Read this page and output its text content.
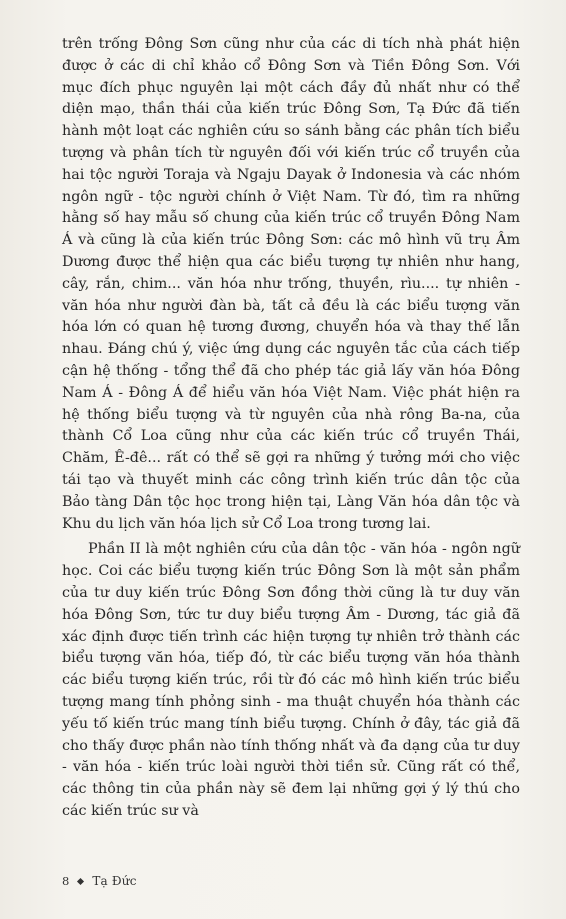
trên trống Đông Sơn cũng như của các di tích nhà phát hiện được ở các di chỉ khảo cổ Đông Sơn và Tiền Đông Sơn. Với mục đích phục nguyên lại một cách đầy đủ nhất như có thể diện mạo, thần thái của kiến trúc Đông Sơn, Tạ Đức đã tiến hành một loạt các nghiên cứu so sánh bằng các phân tích biểu tượng và phân tích từ nguyên đối với kiến trúc cổ truyền của hai tộc người Toraja và Ngaju Dayak ở Indonesia và các nhóm ngôn ngữ - tộc người chính ở Việt Nam. Từ đó, tìm ra những hằng số hay mẫu số chung của kiến trúc cổ truyền Đông Nam Á và cũng là của kiến trúc Đông Sơn: các mô hình vũ trụ Âm Dương được thể hiện qua các biểu tượng tự nhiên như hang, cây, rắn, chim... văn hóa như trống, thuyền, rìu.... tự nhiên - văn hóa như người đàn bà, tất cả đều là các biểu tượng văn hóa lớn có quan hệ tương đương, chuyển hóa và thay thế lẫn nhau. Đáng chú ý, việc ứng dụng các nguyên tắc của cách tiếp cận hệ thống - tổng thể đã cho phép tác giả lấy văn hóa Đông Nam Á - Đông Á để hiểu văn hóa Việt Nam. Việc phát hiện ra hệ thống biểu tượng và từ nguyên của nhà rông Ba-na, của thành Cổ Loa cũng như của các kiến trúc cổ truyền Thái, Chăm, Ê-đê... rất có thể sẽ gợi ra những ý tưởng mới cho việc tái tạo và thuyết minh các công trình kiến trúc dân tộc của Bảo tàng Dân tộc học trong hiện tại, Làng Văn hóa dân tộc và Khu du lịch văn hóa lịch sử Cổ Loa trong tương lai.

Phần II là một nghiên cứu của dân tộc - văn hóa - ngôn ngữ học. Coi các biểu tượng kiến trúc Đông Sơn là một sản phẩm của tư duy kiến trúc Đông Sơn đồng thời cũng là tư duy văn hóa Đông Sơn, tức tư duy biểu tượng Âm - Dương, tác giả đã xác định được tiến trình các hiện tượng tự nhiên trở thành các biểu tượng văn hóa, tiếp đó, từ các biểu tượng văn hóa thành các biểu tượng kiến trúc, rồi từ đó các mô hình kiến trúc biểu tượng mang tính phỏng sinh - ma thuật chuyển hóa thành các yếu tố kiến trúc mang tính biểu tượng. Chính ở đây, tác giả đã cho thấy được phần nào tính thống nhất và đa dạng của tư duy - văn hóa - kiến trúc loài người thời tiền sử. Cũng rất có thể, các thông tin của phần này sẽ đem lại những gợi ý lý thú cho các kiến trúc sư và

8 Tạ Đức
